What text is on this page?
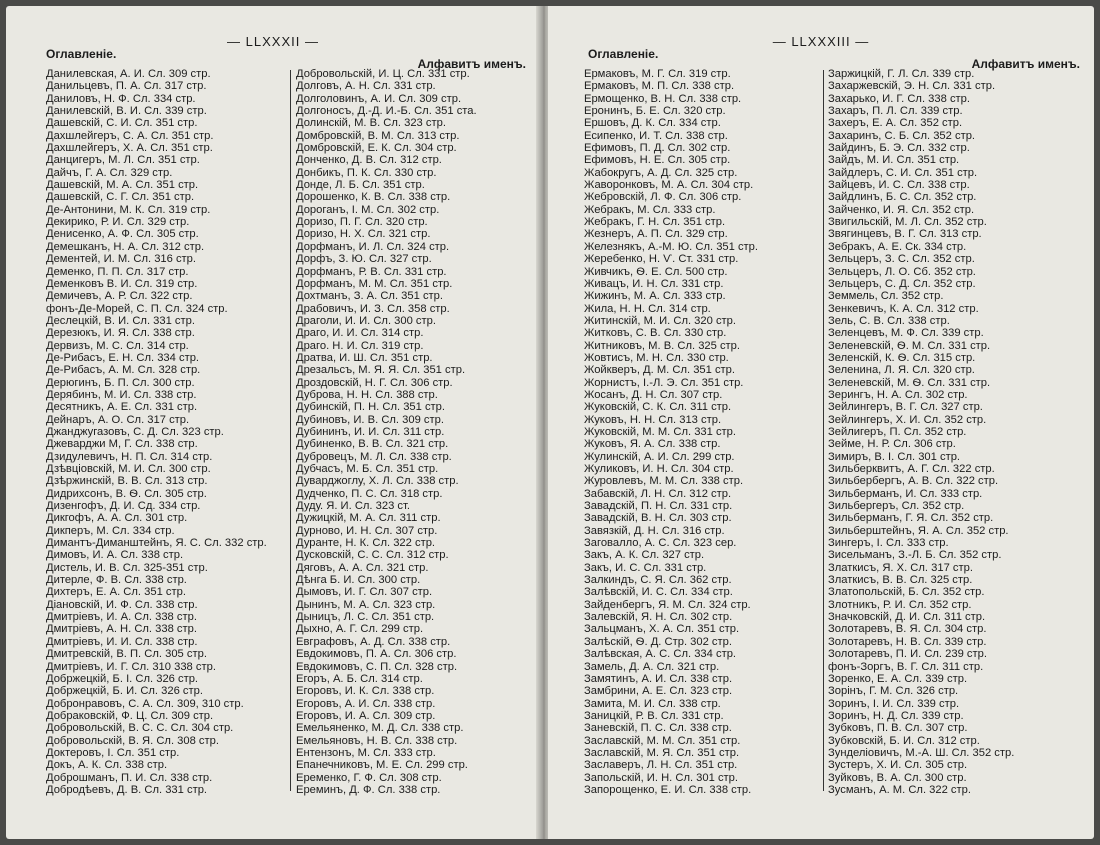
Оглавленіе.
— LLXXXII —
Алфавитъ именъ.
Данилевская, А. И. Сл. 309 стр.
Данильцевъ, П. А. Сл. 317 стр.
Даниловъ, Н. Ф. Сл. 334 стр.
Данилевскій, В. И. Сл. 339 стр.
Дашевскій, С. И. Сл. 351 стр.
Дахшлейгеръ, С. А. Сл. 351 стр.
Дахшлейгеръ, Х. А. Сл. 351 стр.
Данцигеръ, М. Л. Сл. 351 стр.
Дайчъ, Г. А. Сл. 329 стр.
Дашевскій, М. А. Сл. 351 стр.
Дашевскій, С. Г. Сл. 351 стр.
Де-Антонини, М. К. Сл. 319 стр.
Декирико, Р. И. Сл. 329 стр.
Денисенко, А. Ф. Сл. 305 стр.
Демешканъ, Н. А. Сл. 312 стр.
Дементей, И. М. Сл. 316 стр.
Деменко, П. П. Сл. 317 стр.
Деменковъ В. И. Сл. 319 стр.
Демичевъ, А. Р. Сл. 322 стр.
фонъ-Де-Морей, С. П. Сл. 324 стр.
Деслецкій, В. И. Сл. 331 стр.
Дерезюкъ, И. Я. Сл. 338 стр.
Дервизъ, М. С. Сл. 314 стр.
Де-Рибасъ, Е. Н. Сл. 334 стр.
Де-Рибасъ, А. М. Сл. 328 стр.
Дерюгинъ, Б. П. Сл. 300 стр.
Дерябинъ, М. И. Сл. 338 стр.
Десятникъ, А. Е. Сл. 331 стр.
Дейнаръ, А. О. Сл. 317 стр.
Джанджугазовъ, С. Д. Сл. 323 стр.
Джеварджи М, Г. Сл. 338 стр.
Дзидулевичъ, Н. П. Сл. 314 стр.
Дзѣвцiовскій, М. И. Сл. 300 стр.
Дзѣржинскій, В. В. Сл. 313 стр.
Дидрихсонъ, В. Ѳ. Сл. 305 стр.
Дизенгофъ, Д. И. Сд. 334 стр.
Дикгофъ, А. А. Сл. 301 стр.
Дикперъ, М. Сл. 334 стр.
Димантъ-Диманштейнъ, Я. С. Сл. 332 стр.
Димовъ, И. А. Сл. 338 стр.
Дистель, И. В. Сл. 325-351 стр.
Дитерле, Ф. В. Сл. 338 стр.
Дихтеръ, Е. А. Сл. 351 стр.
Діановскій, И. Ф. Сл. 338 стр.
Дмитріевъ, И. А. Сл. 338 стр.
Дмитріевъ, А. Н. Сл. 338 стр.
Дмитріевъ, И. И. Сл. 338 стр.
Дмитревскій, В. П. Сл. 305 стр.
Дмитріевъ, И. Г. Сл. 310 338 стр.
Добржецкій, Б. І. Сл. 326 стр.
Добржецкій, Б. И. Сл. 326 стр.
Добронравовъ, С. А. Сл. 309, 310 стр.
Добраковскій, Ф. Ц. Сл. 309 стр.
Добровольскій, В. С. С. Сл. 304 стр.
Добровольскій, В. Я. Сл. 308 стр.
Доктеровъ, І. Сл. 351 стр.
Докъ, А. К. Сл. 338 стр.
Доброшманъ, П. И. Сл. 338 стр.
Добродѣевъ, Д. В. Сл. 331 стр.
Добровольскій, И. Ц. Сл. 331 стр.
Долговъ, А. Н. Сл. 331 стр.
Долголовинъ, А. И. Сл. 309 стр.
Долгоносъ, Д.-Д. И.-Б. Сл. 351 ста.
Долинскій, М. В. Сл. 323 стр.
Домбровскій, В. М. Сл. 313 стр.
Домбровскій, Е. К. Сл. 304 стр.
Донченко, Д. В. Сл. 312 стр.
Донбикъ, П. К. Сл. 330 стр.
Донде, Л. Б. Сл. 351 стр.
Дорошенко, К. В. Сл. 338 стр.
Дороганъ, І. М. Сл. 302 стр.
Доризо, П. Г. Сл. 320 стр.
Доризо, Н. Х. Сл. 321 стр.
Дорфманъ, И. Л. Сл. 324 стр.
Дорфъ, З. Ю. Сл. 327 стр.
Дорфманъ, Р. В. Сл. 331 стр.
Дорфманъ, М. М. Сл. 351 стр.
Дохтманъ, З. А. Сл. 351 стр.
Драбовичъ, И. З. Сл. 358 стр.
Драголи, И. И. Сл. 300 стр.
Драго, И. И. Сл. 314 стр.
Драго. Н. И. Сл. 319 стр.
Дратва, И. Ш. Сл. 351 стр.
Дрезальсъ, М. Я. Я. Сл. 351 стр.
Дроздовскій, Н. Г. Сл. 306 стр.
Дуброва, Н. Н. Сл. 388 стр.
Дубинскій, П. Н. Сл. 351 стр.
Дубиновъ, И. В. Сл. 309 стр.
Дубининъ, И. И. Сл. 311 стр.
Дубиненко, В. В. Сл. 321 стр.
Дубровецъ, М. Л. Сл. 338 стр.
Дубчасъ, М. Б. Сл. 351 стр.
Дуварджоглу, Х. Л. Сл. 338 стр.
Дудченко, П. С. Сл. 318 стр.
Дуду. Я. И. Сл. 323 ст.
Дужицкій, М. А. Сл. 311 стр.
Дурново, И. Н. Сл. 307 стр.
Дуранте, Н. К. Сл. 322 стр.
Дусковскій, С. С. Сл. 312 стр.
Дяговъ, А. А. Сл. 321 стр.
Дѣнга Б. И. Сл. 300 стр.
Дымовъ, И. Г. Сл. 307 стр.
Дынинъ, М. А. Сл. 323 стр.
Дыницъ, Л. С. Сл. 351 стр.
Дыхно, А. Г. Сл. 299 стр.
Евграфовъ, А. Д. Сл. 338 стр.
Евдокимовъ, П. А. Сл. 306 стр.
Евдокимовъ, С. П. Сл. 328 стр.
Егоръ, А. Б. Сл. 314 стр.
Егоровъ, И. К. Сл. 338 стр.
Егоровъ, А. И. Сл. 338 стр.
Егоровъ, И. А. Сл. 309 стр.
Емельяненко, М. Д. Сл. 338 стр.
Емельяновъ, Н. В. Сл. 338 стр.
Ентензонъ, М. Сл. 333 стр.
Епанечниковъ, М. Е. Сл. 299 стр.
Еременко, Г. Ф. Сл. 308 стр.
Ереминъ, Д. Ф. Сл. 338 стр.
Оглавленіе.
— LLXXXIII —
Алфавитъ именъ.
Ермаковъ, М. Г. Сл. 319 стр.
Ермаковъ, М. П. Сл. 338 стр.
Ермощенко, В. Н. Сл. 338 стр.
Еронинъ, Б. Е. Сл. 320 стр.
Ершовъ, Д. К. Сл. 334 стр.
Есипенко, И. Т. Сл. 338 стр.
Ефимовъ, П. Д. Сл. 302 стр.
Ефимовъ, Н. Е. Сл. 305 стр.
Жабокругъ, А. Д. Сл. 325 стр.
Жаворонковъ, М. А. Сл. 304 стр.
Жебровскій, Л. Ф. Сл. 306 стр.
Жебракъ, М. Сл. 333 стр.
Жебракъ, Г. Н. Сл. 351 стр.
Жезнеръ, А. П. Сл. 329 стр.
Железнякъ, А.-М. Ю. Сл. 351 стр.
Жеребенко, Н. Ѵ. Ст. 331 стр.
Живчикъ, Ѳ. Е. Сл. 500 стр.
Живацъ, И. Н. Сл. 331 стр.
Жижинъ, М. А. Сл. 333 стр.
Жила, Н. Н. Сл. 314 стр.
Житинскій, М. И. Сл. 320 стр.
Житковъ, С. В. Сл. 330 стр.
Житниковъ, М. В. Сл. 325 стр.
Жовтисъ, М. Н. Сл. 330 стр.
Жойкверъ, Д. М. Сл. 351 стр.
Жорнистъ, І.-Л. Э. Сл. 351 стр.
Жосанъ, Д. Н. Сл. 307 стр.
Жуковскій, С. К. Сл. 311 стр.
Жуковъ, Н. Н. Сл. 313 стр.
Жуковскій, М. М. Сл. 331 стр.
Жуковъ, Я. А. Сл. 338 стр.
Жулинскій, А. И. Сл. 299 стр.
Жуликовъ, И. Н. Сл. 304 стр.
Журовлевъ, М. М. Сл. 338 стр.
Забавскій, Л. Н. Сл. 312 стр.
Завадскій, П. Н. Сл. 331 стр.
Завадскій, В. Н. Сл. 303 стр.
Завязкій, Д. Н. Сл. 316 стр.
Заговалло, А. С. Сл. 323 сер.
Закъ, А. К. Сл. 327 стр.
Закъ, И. С. Сл. 331 стр.
Залкиндъ, С. Я. Сл. 362 стр.
Залѣвскій, И. С. Сл. 334 стр.
Зайденбергъ, Я. М. Сл. 324 стр.
Залевскій, Я. Н. Сл. 302 стр.
Зальцманъ, Х. А. Сл. 351 стр.
Залѣскій, Ѳ. Д. Стр. 302 стр.
Залѣвская, А. С. Сл. 334 стр.
Замель, Д. А. Сл. 321 стр.
Замятинъ, А. И. Сл. 338 стр.
Замбрини, А. Е. Сл. 323 стр.
Замита, М. И. Сл. 338 стр.
Заницкій, Р. В. Сл. 331 стр.
Заневскій, П. С. Сл. 338 стр.
Заславскій, М. М. Сл. 351 стр.
Заславскій, М. Я. Сл. 351 стр.
Заславеръ, Л. Н. Сл. 351 стр.
Запольскій, И. Н. Сл. 301 стр.
Запорощенко, Е. И. Сл. 338 стр.
Заржицкій, Г. Л. Сл. 339 стр.
Захаржевскій, Э. Н. Сл. 331 стр.
Захарько, И. Г. Сл. 338 стр.
Захаръ, П. Л. Сл. 339 стр.
Захеръ, Е. А. Сл. 352 стр.
Захаринъ, С. Б. Сл. 352 стр.
Зайдинъ, Б. Э. Сл. 332 стр.
Зайдъ, М. И. Сл. 351 стр.
Зайдлеръ, С. И. Сл. 351 стр.
Зайцевъ, И. С. Сл. 338 стр.
Зайдлинъ, Б. С. Сл. 352 стр.
Зайченко, И. Я. Сл. 352 стр.
Звигильскій, М. Л. Сл. 352 стр.
Звягинцевъ, В. Г. Сл. 313 стр.
Зебракъ, А. Е. Ск. 334 стр.
Зельцеръ, З. С. Сл. 352 стр.
Зельцеръ, Л. О. Сб. 352 стр.
Зельцеръ, С. Д. Сл. 352 стр.
Земмель, Сл. 352 стр.
Зенкевичъ, К. А. Сл. 312 стр.
Зель, С. В. Сл. 338 стр.
Зеленцевъ, М. Ф. Сл. 339 стр.
Зеленевскій, Ѳ. М. Сл. 331 стр.
Зеленскій, К. Ѳ. Сл. 315 стр.
Зеленина, Л. Я. Сл. 320 стр.
Зеленевскій, М. Ѳ. Сл. 331 стр.
Зерингъ, Н. А. Сл. 302 стр.
Зейлингеръ, В. Г. Сл. 327 стр.
Зейлингеръ, Х. И. Сл. 352 стр.
Зейлигеръ, П. Сл. 352 стр.
Зейме, Н. Р. Сл. 306 стр.
Зимиръ, В. І. Сл. 301 стр.
Зильберквитъ, А. Г. Сл. 322 стр.
Зильбербергъ, А. В. Сл. 322 стр.
Зильберманъ, И. Сл. 333 стр.
Зильбергеръ, Сл. 352 стр.
Зильберманъ, Г. Я. Сл. 352 стр.
Зильберштейнъ, Я. А. Сл. 352 стр.
Зингеръ, І. Сл. 333 стр.
Зисельманъ, З.-Л. Б. Сл. 352 стр.
Златкисъ, Я. Х. Сл. 317 стр.
Златкисъ, В. В. Сл. 325 стр.
Златопольскій, Б. Сл. 352 стр.
Злотникъ, Р. И. Сл. 352 стр.
Значковскій, Д. И. Сл. 311 стр.
Золотаревъ, В. Я. Сл. 304 стр.
Золотаревъ, Н. В. Сл. 339 стр.
Золотаревъ, П. И. Сл. 239 стр.
фонъ-Зоргъ, В. Г. Сл. 311 стр.
Зоренко, Е. А. Сл. 339 стр.
Зорінъ, Г. М. Сл. 326 стр.
Зоринъ, І. И. Сл. 339 стр.
Зоринъ, Н. Д. Сл. 339 стр.
Зубковъ, П. В. Сл. 307 стр.
Зубковскій, Б. И. Сл. 312 стр.
Зунделіовичъ, М.-А. Ш. Сл. 352 стр.
Зустеръ, Х. И. Сл. 305 стр.
Зуйковъ, В. А. Сл. 300 стр.
Зусманъ, А. М. Сл. 322 стр.
